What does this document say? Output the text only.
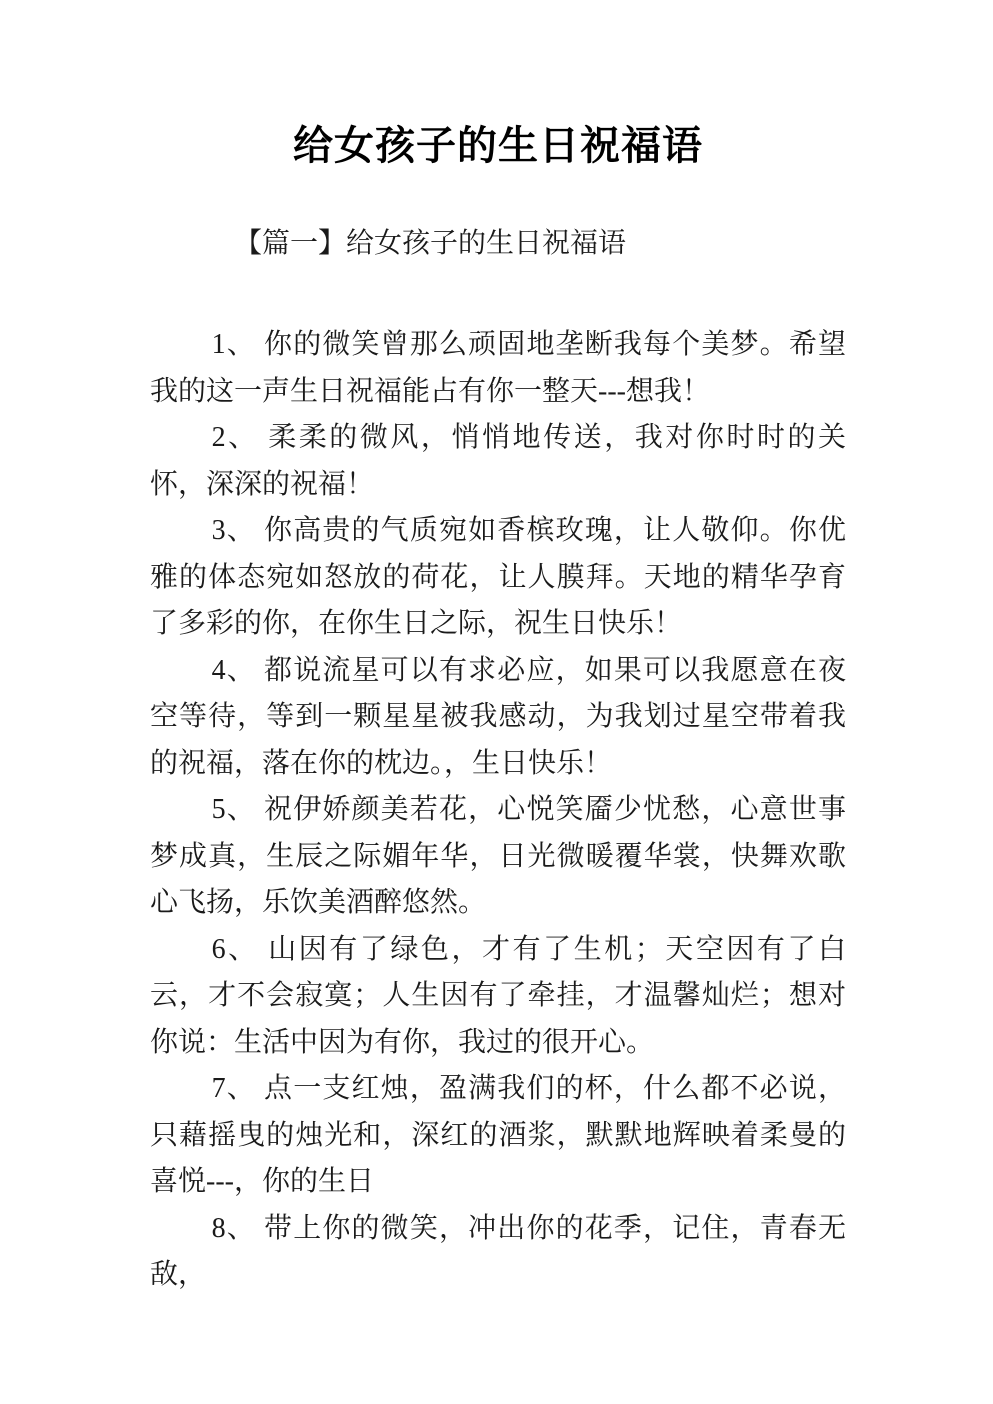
给女孩子的生日祝福语

【篇一】给女孩子的生日祝福语

1、 你的微笑曾那么顽固地垄断我每个美梦。希望我的这一声生日祝福能占有你一整天---想我！

2、 柔柔的微风，悄悄地传送，我对你时时的关怀，深深的祝福！

3、 你高贵的气质宛如香槟玫瑰，让人敬仰。你优雅的体态宛如怒放的荷花，让人膜拜。天地的精华孕育了多彩的你，在你生日之际，祝生日快乐！

4、 都说流星可以有求必应，如果可以我愿意在夜空等待，等到一颗星星被我感动，为我划过星空带着我的祝福，落在你的枕边。，生日快乐！

5、 祝伊娇颜美若花，心悦笑靥少忧愁，心意世事梦成真，生辰之际媚年华，日光微暖覆华裳，快舞欢歌心飞扬，乐饮美酒醉悠然。

6、 山因有了绿色，才有了生机；天空因有了白云，才不会寂寞；人生因有了牵挂，才温馨灿烂；想对你说：生活中因为有你，我过的很开心。

7、 点一支红烛，盈满我们的杯，什么都不必说，只藉摇曳的烛光和，深红的酒浆，默默地辉映着柔曼的喜悦---，你的生日

8、 带上你的微笑，冲出你的花季，记住，青春无敌，
